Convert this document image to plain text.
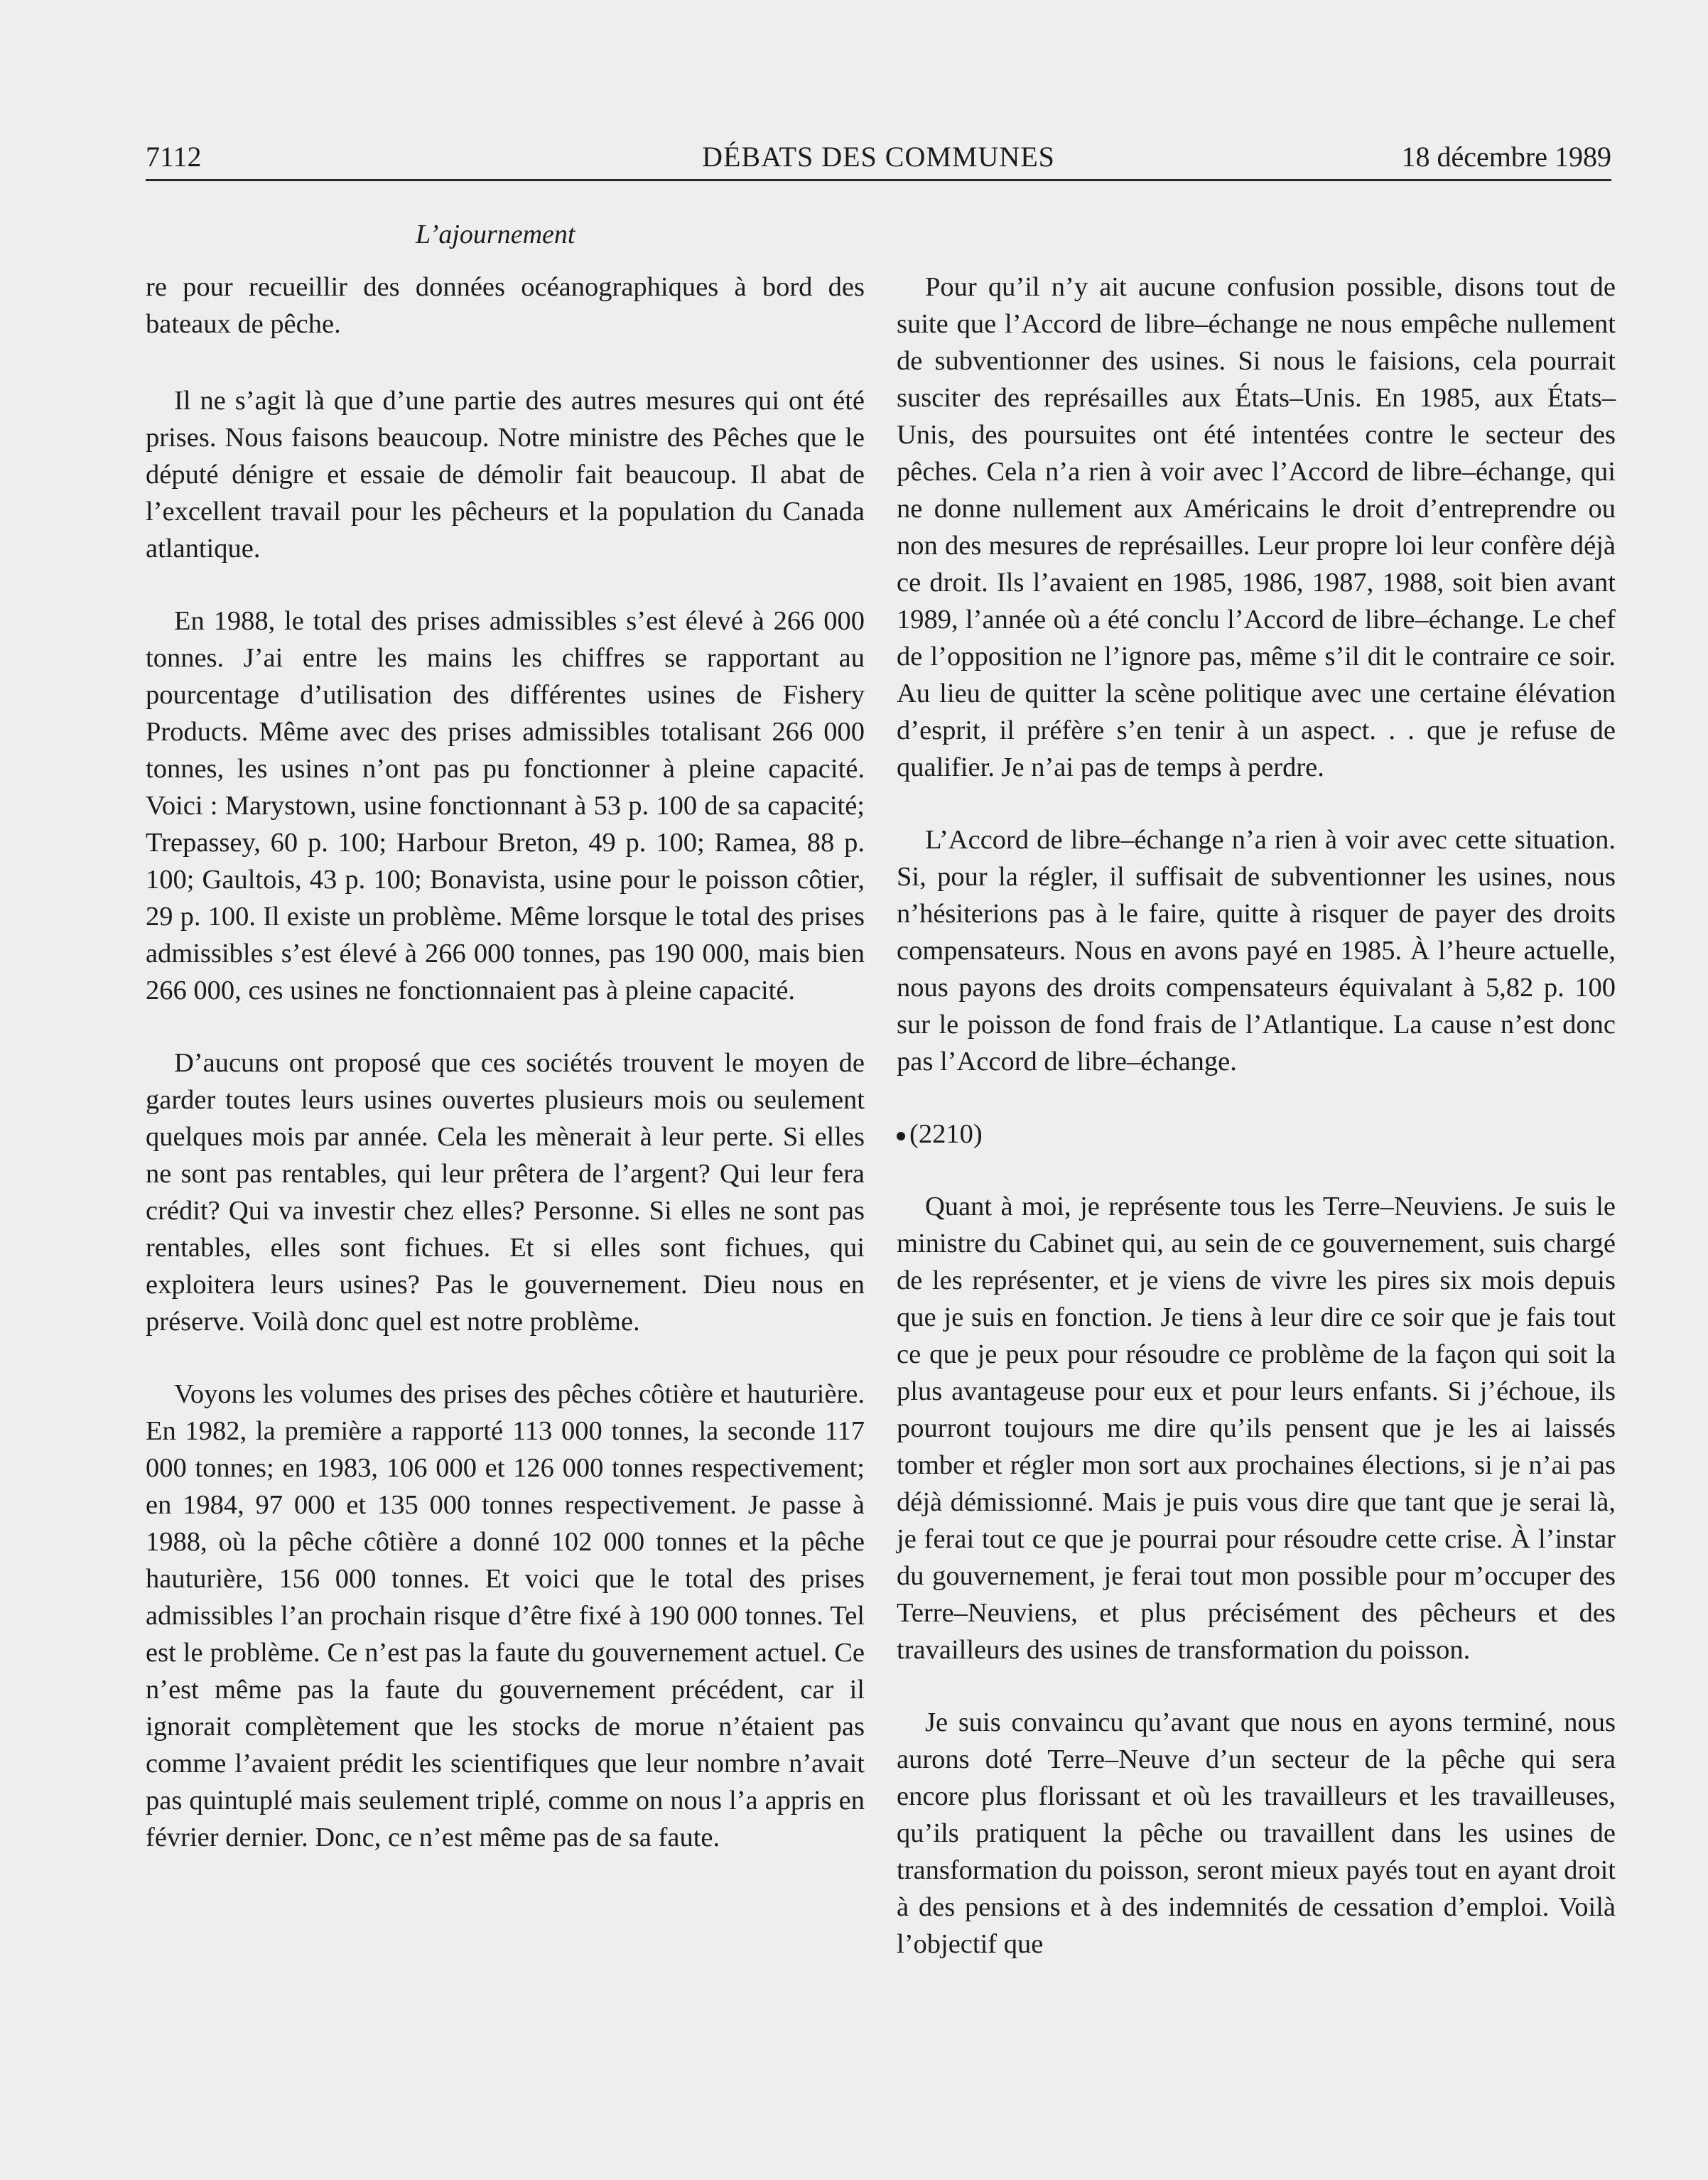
7112	DÉBATS DES COMMUNES	18 décembre 1989
L’ajournement

re pour recueillir des données océanographiques à bord des bateaux de pêche.

Il ne s’agit là que d’une partie des autres mesures qui ont été prises. Nous faisons beaucoup. Notre ministre des Pêches que le député dénigre et essaie de démolir fait beaucoup. Il abat de l’excellent travail pour les pêcheurs et la population du Canada atlantique.

En 1988, le total des prises admissibles s’est élevé à 266 000 tonnes. J’ai entre les mains les chiffres se rapportant au pourcentage d’utilisation des différentes usines de Fishery Products. Même avec des prises admissibles totalisant 266 000 tonnes, les usines n’ont pas pu fonctionner à pleine capacité. Voici : Marystown, usine fonctionnant à 53 p. 100 de sa capacité; Trepassey, 60 p. 100; Harbour Breton, 49 p. 100; Ramea, 88 p. 100; Gaultois, 43 p. 100; Bonavista, usine pour le poisson côtier, 29 p. 100. Il existe un problème. Même lorsque le total des prises admissibles s’est élevé à 266 000 tonnes, pas 190 000, mais bien 266 000, ces usines ne fonctionnaient pas à pleine capacité.

D’aucuns ont proposé que ces sociétés trouvent le moyen de garder toutes leurs usines ouvertes plusieurs mois ou seulement quelques mois par année. Cela les mènerait à leur perte. Si elles ne sont pas rentables, qui leur prêtera de l’argent? Qui leur fera crédit? Qui va investir chez elles? Personne. Si elles ne sont pas rentables, elles sont fichues. Et si elles sont fichues, qui exploitera leurs usines? Pas le gouvernement. Dieu nous en préserve. Voilà donc quel est notre problème.

Voyons les volumes des prises des pêches côtière et hauturière. En 1982, la première a rapporté 113 000 tonnes, la seconde 117 000 tonnes; en 1983, 106 000 et 126 000 tonnes respectivement; en 1984, 97 000 et 135 000 tonnes respectivement. Je passe à 1988, où la pêche côtière a donné 102 000 tonnes et la pêche hauturière, 156 000 tonnes. Et voici que le total des prises admissibles l’an prochain risque d’être fixé à 190 000 tonnes. Tel est le problème. Ce n’est pas la faute du gouvernement actuel. Ce n’est même pas la faute du gouvernement précédent, car il ignorait complètement que les stocks de morue n’étaient pas comme l’avaient prédit les scientifiques que leur nombre n’avait pas quintuplé mais seulement triplé, comme on nous l’a appris en février dernier. Donc, ce n’est même pas de sa faute.

Pour qu’il n’y ait aucune confusion possible, disons tout de suite que l’Accord de libre–échange ne nous empêche nullement de subventionner des usines. Si nous le faisions, cela pourrait susciter des représailles aux États–Unis. En 1985, aux États–Unis, des poursuites ont été intentées contre le secteur des pêches. Cela n’a rien à voir avec l’Accord de libre–échange, qui ne donne nullement aux Américains le droit d’entreprendre ou non des mesures de représailles. Leur propre loi leur confère déjà ce droit. Ils l’avaient en 1985, 1986, 1987, 1988, soit bien avant 1989, l’année où a été conclu l’Accord de libre–échange. Le chef de l’opposition ne l’ignore pas, même s’il dit le contraire ce soir. Au lieu de quitter la scène politique avec une certaine élévation d’esprit, il préfère s’en tenir à un aspect. . . que je refuse de qualifier. Je n’ai pas de temps à perdre.

L’Accord de libre–échange n’a rien à voir avec cette situation. Si, pour la régler, il suffisait de subventionner les usines, nous n’hésiterions pas à le faire, quitte à risquer de payer des droits compensateurs. Nous en avons payé en 1985. À l’heure actuelle, nous payons des droits compensateurs équivalant à 5,82 p. 100 sur le poisson de fond frais de l’Atlantique. La cause n’est donc pas l’Accord de libre–échange.

(2210)

Quant à moi, je représente tous les Terre–Neuviens. Je suis le ministre du Cabinet qui, au sein de ce gouvernement, suis chargé de les représenter, et je viens de vivre les pires six mois depuis que je suis en fonction. Je tiens à leur dire ce soir que je fais tout ce que je peux pour résoudre ce problème de la façon qui soit la plus avantageuse pour eux et pour leurs enfants. Si j’échoue, ils pourront toujours me dire qu’ils pensent que je les ai laissés tomber et régler mon sort aux prochaines élections, si je n’ai pas déjà démissionné. Mais je puis vous dire que tant que je serai là, je ferai tout ce que je pourrai pour résoudre cette crise. À l’instar du gouvernement, je ferai tout mon possible pour m’occuper des Terre–Neuviens, et plus précisément des pêcheurs et des travailleurs des usines de transformation du poisson.

Je suis convaincu qu’avant que nous en ayons terminé, nous aurons doté Terre–Neuve d’un secteur de la pêche qui sera encore plus florissant et où les travailleurs et les travailleuses, qu’ils pratiquent la pêche ou travaillent dans les usines de transformation du poisson, seront mieux payés tout en ayant droit à des pensions et à des indemnités de cessation d’emploi. Voilà l’objectif que
